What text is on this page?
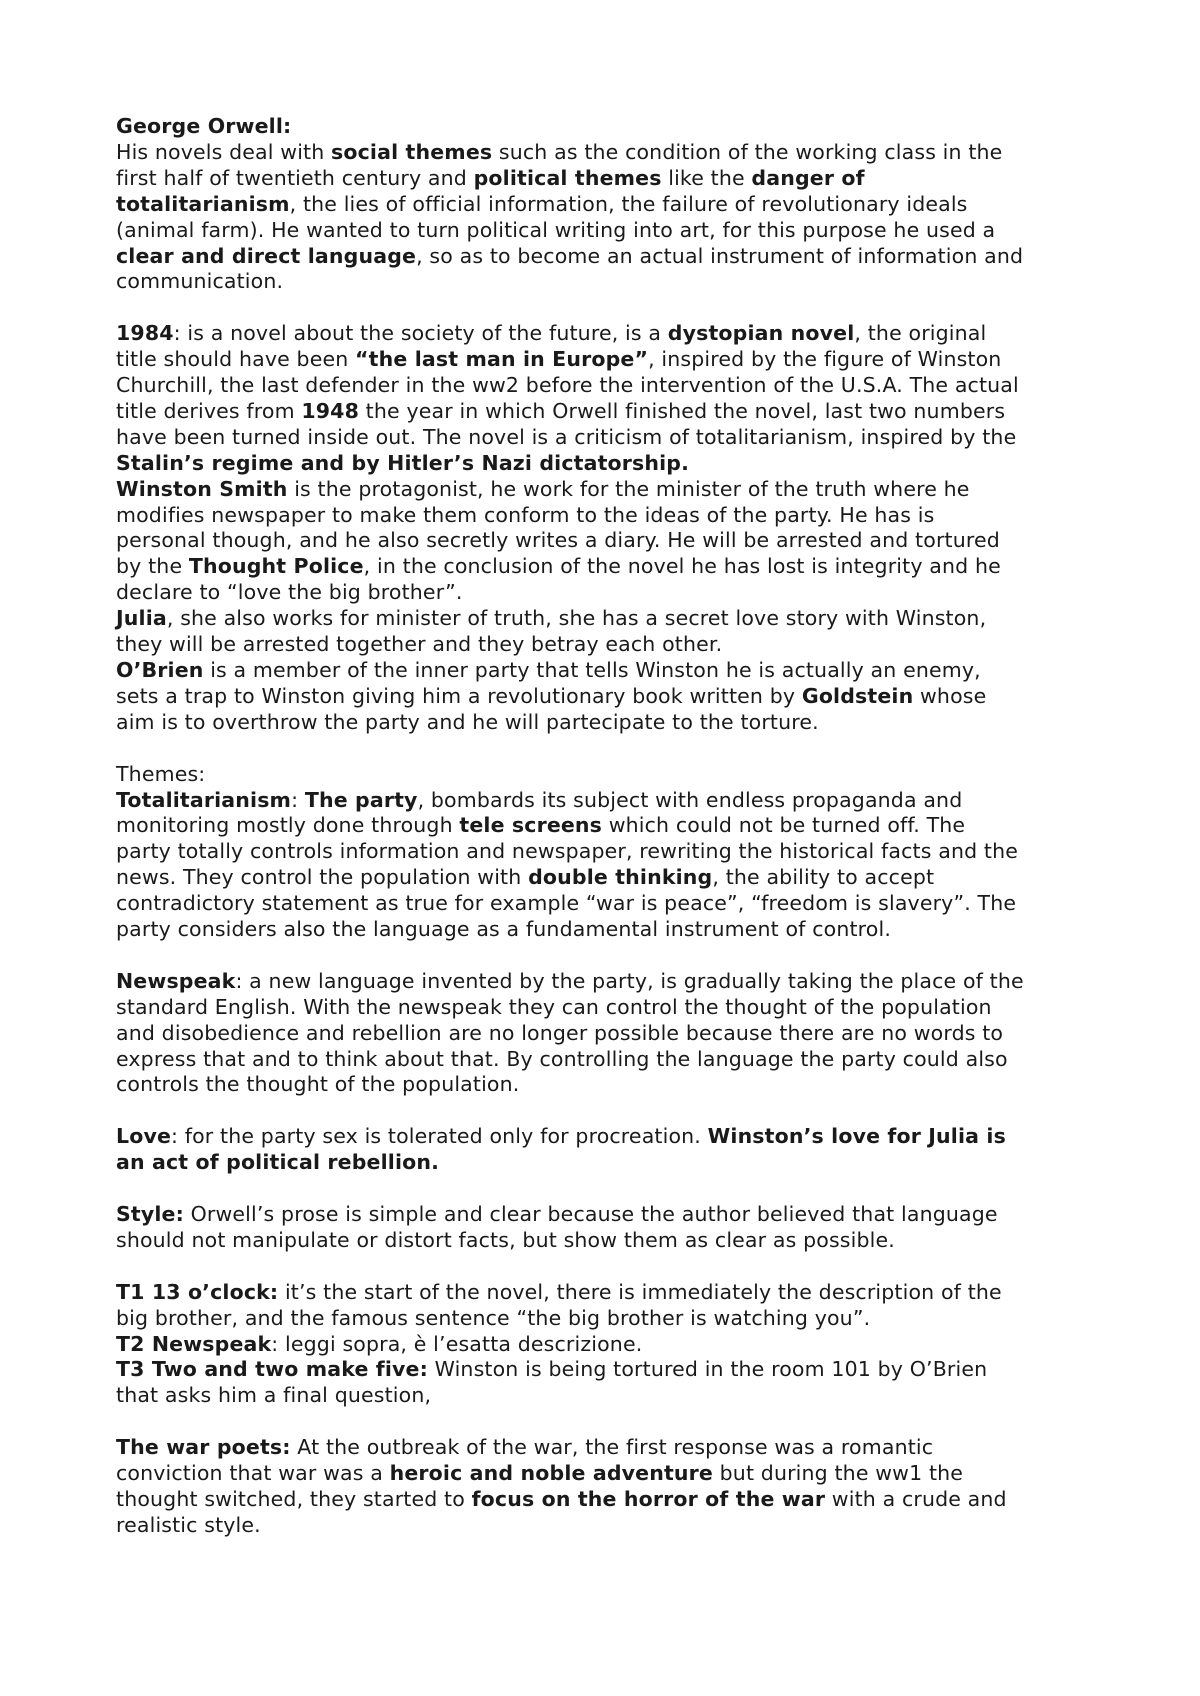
George Orwell:
His novels deal with social themes such as the condition of the working class in the
first half of twentieth century and political themes like the danger of
totalitarianism, the lies of official information, the failure of revolutionary ideals
(animal farm). He wanted to turn political writing into art, for this purpose he used a
clear and direct language, so as to become an actual instrument of information and
communication.
1984: is a novel about the society of the future, is a dystopian novel, the original
title should have been “the last man in Europe”, inspired by the figure of Winston
Churchill, the last defender in the ww2 before the intervention of the U.S.A. The actual
title derives from 1948 the year in which Orwell finished the novel, last two numbers
have been turned inside out. The novel is a criticism of totalitarianism, inspired by the
Stalin’s regime and by Hitler’s Nazi dictatorship.
Winston Smith is the protagonist, he work for the minister of the truth where he
modifies newspaper to make them conform to the ideas of the party. He has is
personal though, and he also secretly writes a diary. He will be arrested and tortured
by the Thought Police, in the conclusion of the novel he has lost is integrity and he
declare to “love the big brother”.
Julia, she also works for minister of truth, she has a secret love story with Winston,
they will be arrested together and they betray each other.
O’Brien is a member of the inner party that tells Winston he is actually an enemy,
sets a trap to Winston giving him a revolutionary book written by Goldstein whose
aim is to overthrow the party and he will partecipate to the torture.
Themes:
Totalitarianism: The party, bombards its subject with endless propaganda and
monitoring mostly done through tele screens which could not be turned off. The
party totally controls information and newspaper, rewriting the historical facts and the
news. They control the population with double thinking, the ability to accept
contradictory statement as true for example “war is peace”, “freedom is slavery”. The
party considers also the language as a fundamental instrument of control.
Newspeak: a new language invented by the party, is gradually taking the place of the
standard English. With the newspeak they can control the thought of the population
and disobedience and rebellion are no longer possible because there are no words to
express that and to think about that. By controlling the language the party could also
controls the thought of the population.
Love: for the party sex is tolerated only for procreation. Winston’s love for Julia is
an act of political rebellion.
Style: Orwell’s prose is simple and clear because the author believed that language
should not manipulate or distort facts, but show them as clear as possible.
T1 13 o’clock: it’s the start of the novel, there is immediately the description of the
big brother, and the famous sentence “the big brother is watching you”.
T2 Newspeak: leggi sopra, è l’esatta descrizione.
T3 Two and two make five: Winston is being tortured in the room 101 by O’Brien
that asks him a final question,
The war poets: At the outbreak of the war, the first response was a romantic
conviction that war was a heroic and noble adventure but during the ww1 the
thought switched, they started to focus on the horror of the war with a crude and
realistic style.
